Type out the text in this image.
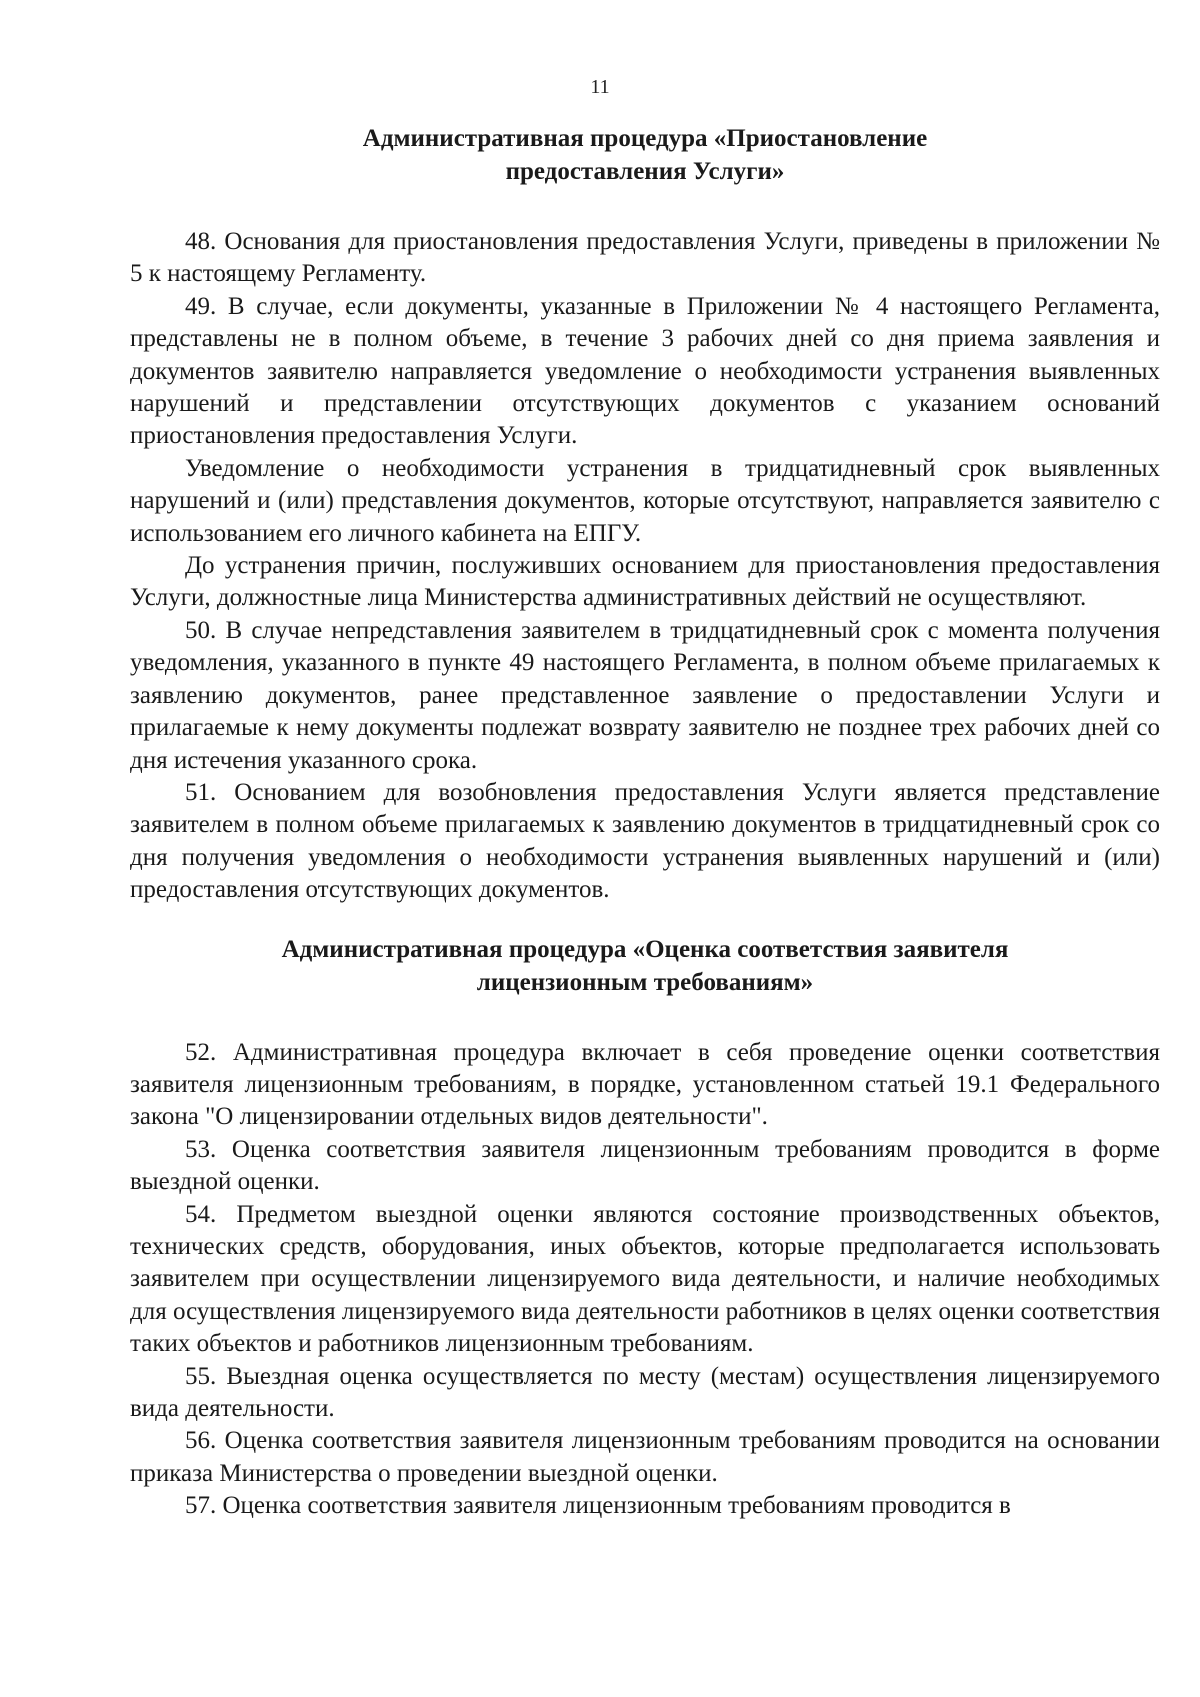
11
Административная процедура «Приостановление
предоставления Услуги»

48. Основания для приостановления предоставления Услуги, приведены в приложении № 5 к настоящему Регламенту.

49. В случае, если документы, указанные в Приложении № 4 настоящего Регламента, представлены не в полном объеме, в течение 3 рабочих дней со дня приема заявления и документов заявителю направляется уведомление о необходимости устранения выявленных нарушений и представлении отсутствующих документов с указанием оснований приостановления предоставления Услуги.

Уведомление о необходимости устранения в тридцатидневный срок выявленных нарушений и (или) представления документов, которые отсутствуют, направляется заявителю с использованием его личного кабинета на ЕПГУ.

До устранения причин, послуживших основанием для приостановления предоставления Услуги, должностные лица Министерства административных действий не осуществляют.

50. В случае непредставления заявителем в тридцатидневный срок с момента получения уведомления, указанного в пункте 49 настоящего Регламента, в полном объеме прилагаемых к заявлению документов, ранее представленное заявление о предоставлении Услуги и прилагаемые к нему документы подлежат возврату заявителю не позднее трех рабочих дней со дня истечения указанного срока.

51. Основанием для возобновления предоставления Услуги является представление заявителем в полном объеме прилагаемых к заявлению документов в тридцатидневный срок со дня получения уведомления о необходимости устранения выявленных нарушений и (или) предоставления отсутствующих документов.

Административная процедура «Оценка соответствия заявителя
лицензионным требованиям»

52. Административная процедура включает в себя проведение оценки соответствия заявителя лицензионным требованиям, в порядке, установленном статьей 19.1 Федерального закона "О лицензировании отдельных видов деятельности".

53. Оценка соответствия заявителя лицензионным требованиям проводится в форме выездной оценки.

54. Предметом выездной оценки являются состояние производственных объектов, технических средств, оборудования, иных объектов, которые предполагается использовать заявителем при осуществлении лицензируемого вида деятельности, и наличие необходимых для осуществления лицензируемого вида деятельности работников в целях оценки соответствия таких объектов и работников лицензионным требованиям.

55. Выездная оценка осуществляется по месту (местам) осуществления лицензируемого вида деятельности.

56. Оценка соответствия заявителя лицензионным требованиям проводится на основании приказа Министерства о проведении выездной оценки.

57. Оценка соответствия заявителя лицензионным требованиям проводится в
